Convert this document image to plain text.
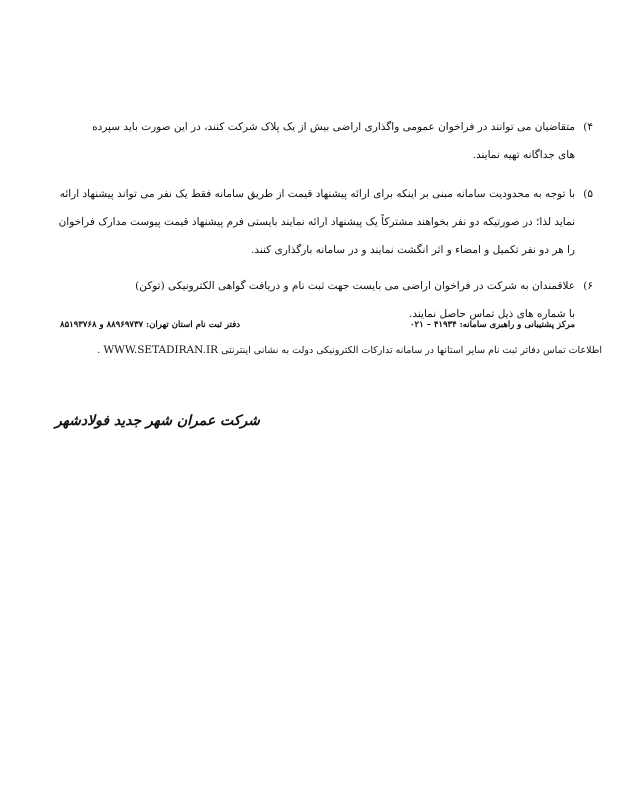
۴)
متقاضیان می توانند در فراخوان عمومی واگذاری اراضی بیش از یک پلاک شرکت کنند، در این صورت باید سپرده
های جداگانه تهیه نمایند.
۵)
با توجه به محدودیت سامانه مبنی بر اینکه برای ارائه پیشنهاد قیمت از طریق سامانه فقط یک نفر می تواند پیشنهاد ارائه
نماید لذا؛ در صورتیکه دو نفر بخواهند مشترکاً یک پیشنهاد ارائه نمایند بایستی فرم پیشنهاد قیمت پیوست مدارک فراخوان
را هر دو نفر تکمیل و امضاء و اثر انگشت نمایند و در سامانه بارگذاری کنند.
۶)
علاقمندان به شرکت در فراخوان اراضی می بایست جهت ثبت نام و دریافت گواهی الکترونیکی (توکن)
با شماره های ذیل تماس حاصل نمایند.
مرکز پشتیبانی و راهبری سامانه: ۴۱۹۳۴ – ۰۲۱
دفتر ثبت نام استان تهران: ۸۸۹۶۹۷۳۷ و ۸۵۱۹۳۷۶۸
اطلاعات تماس دفاتر ثبت نام سایر استانها در سامانه تدارکات الکترونیکی دولت به نشانی اینترنتی WWW.SETADIRAN.IR .
شرکت عمران شهر جدید فولادشهر
